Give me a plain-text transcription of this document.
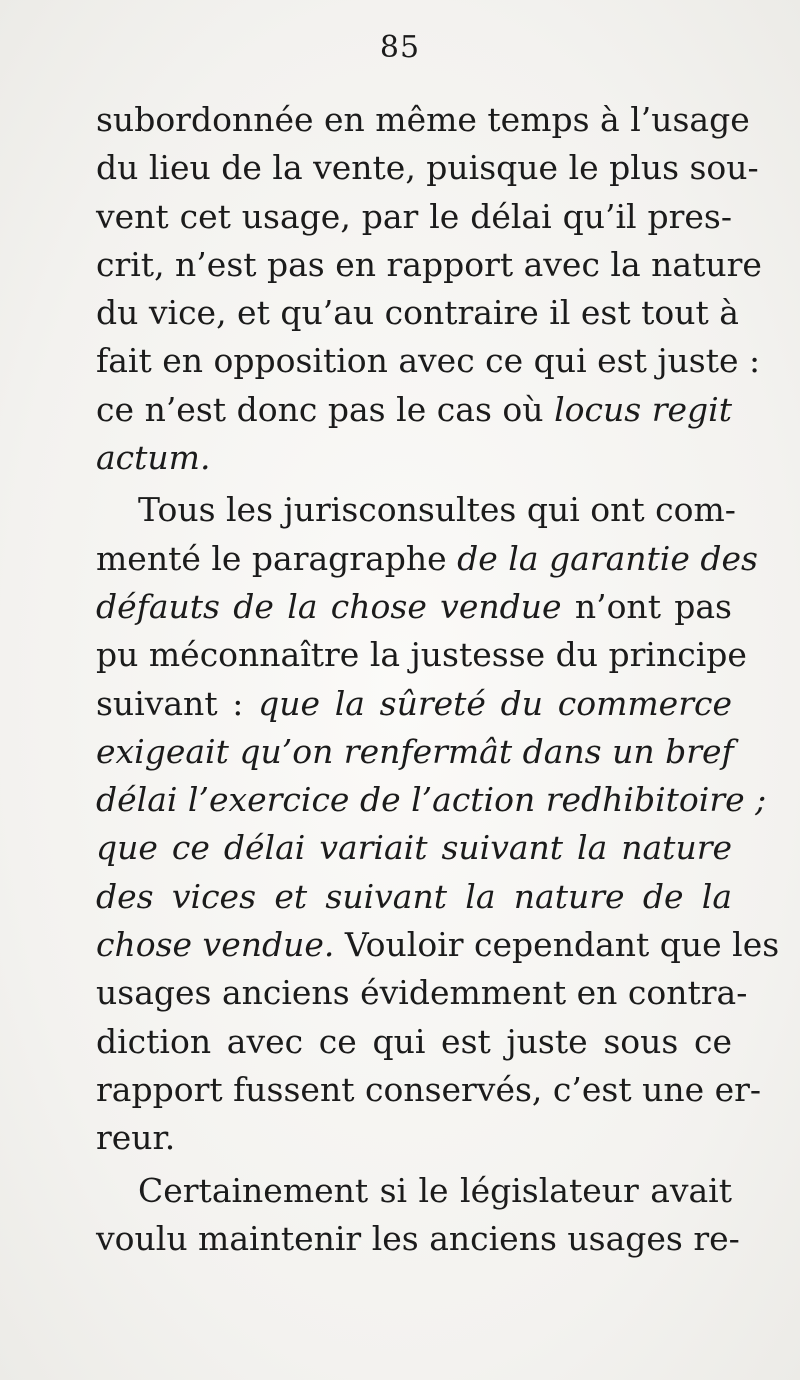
85
subordonnée en même temps à l’usage
du lieu de la vente, puisque le plus sou-
vent cet usage, par le délai qu’il pres-
crit, n’est pas en rapport avec la nature
du vice, et qu’au contraire il est tout à
fait en opposition avec ce qui est juste :
ce n’est donc pas le cas où locus regit
actum.
Tous les jurisconsultes qui ont com-
menté le paragraphe de la garantie des
défauts de la chose vendue n’ont pas
pu méconnaître la justesse du principe
suivant : que la sûreté du commerce
exigeait qu’on renfermât dans un bref
délai l’exercice de l’action redhibitoire ;
que ce délai variait suivant la nature
des vices et suivant la nature de la
chose vendue. Vouloir cependant que les
usages anciens évidemment en contra-
diction avec ce qui est juste sous ce
rapport fussent conservés, c’est une er-
reur.
Certainement si le législateur avait
voulu maintenir les anciens usages re-
